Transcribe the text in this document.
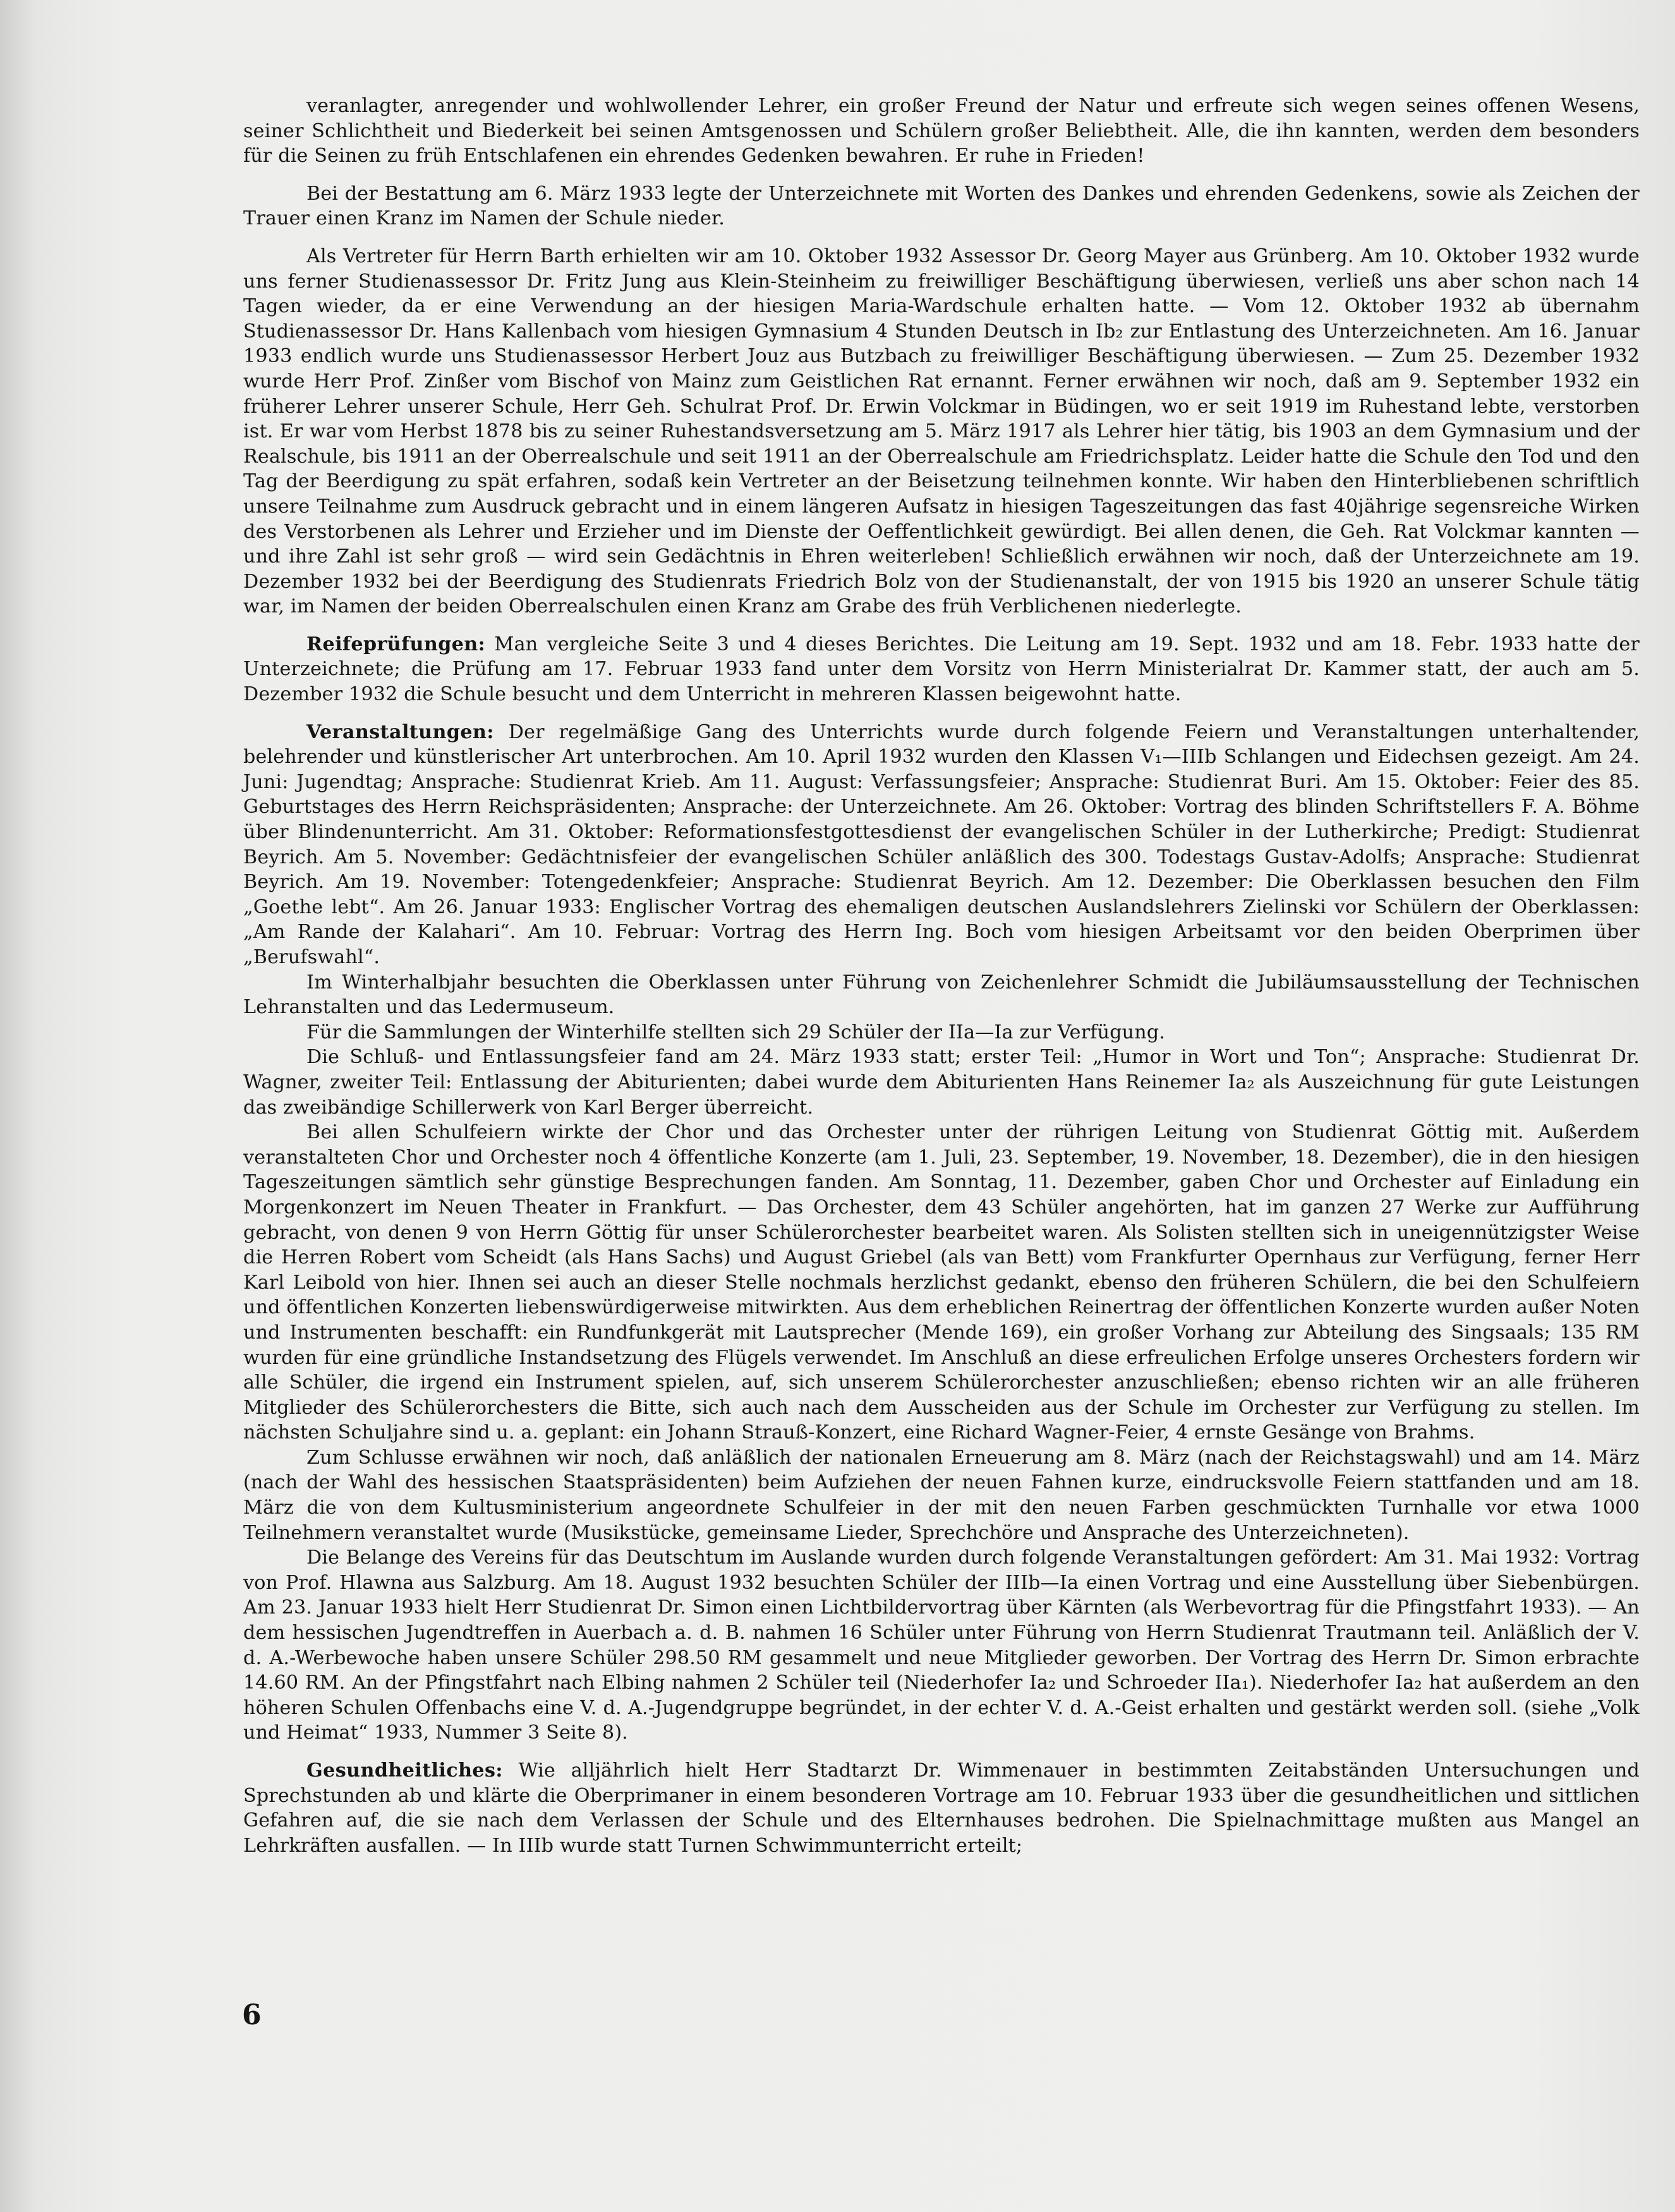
veranlagter, anregender und wohlwollender Lehrer, ein großer Freund der Natur und erfreute sich wegen seines offenen Wesens, seiner Schlichtheit und Biederkeit bei seinen Amtsgenossen und Schülern großer Beliebtheit. Alle, die ihn kannten, werden dem besonders für die Seinen zu früh Entschlafenen ein ehrendes Gedenken bewahren. Er ruhe in Frieden!

Bei der Bestattung am 6. März 1933 legte der Unterzeichnete mit Worten des Dankes und ehrenden Gedenkens, sowie als Zeichen der Trauer einen Kranz im Namen der Schule nieder.

Als Vertreter für Herrn Barth erhielten wir am 10. Oktober 1932 Assessor Dr. Georg Mayer aus Grünberg. Am 10. Oktober 1932 wurde uns ferner Studienassessor Dr. Fritz Jung aus Klein-Steinheim zu freiwilliger Beschäftigung überwiesen, verließ uns aber schon nach 14 Tagen wieder, da er eine Verwendung an der hiesigen Maria-Wardschule erhalten hatte. — Vom 12. Oktober 1932 ab übernahm Studienassessor Dr. Hans Kallenbach vom hiesigen Gymnasium 4 Stunden Deutsch in Ib₂ zur Entlastung des Unterzeichneten. Am 16. Januar 1933 endlich wurde uns Studienassessor Herbert Jouz aus Butzbach zu freiwilliger Beschäftigung überwiesen. — Zum 25. Dezember 1932 wurde Herr Prof. Zinßer vom Bischof von Mainz zum Geistlichen Rat ernannt. Ferner erwähnen wir noch, daß am 9. September 1932 ein früherer Lehrer unserer Schule, Herr Geh. Schulrat Prof. Dr. Erwin Volckmar in Büdingen, wo er seit 1919 im Ruhestand lebte, verstorben ist. Er war vom Herbst 1878 bis zu seiner Ruhestandsversetzung am 5. März 1917 als Lehrer hier tätig, bis 1903 an dem Gymnasium und der Realschule, bis 1911 an der Oberrealschule und seit 1911 an der Oberrealschule am Friedrichsplatz. Leider hatte die Schule den Tod und den Tag der Beerdigung zu spät erfahren, sodaß kein Vertreter an der Beisetzung teilnehmen konnte. Wir haben den Hinterbliebenen schriftlich unsere Teilnahme zum Ausdruck gebracht und in einem längeren Aufsatz in hiesigen Tageszeitungen das fast 40jährige segensreiche Wirken des Verstorbenen als Lehrer und Erzieher und im Dienste der Oeffentlichkeit gewürdigt. Bei allen denen, die Geh. Rat Volckmar kannten — und ihre Zahl ist sehr groß — wird sein Gedächtnis in Ehren weiterleben! Schließlich erwähnen wir noch, daß der Unterzeichnete am 19. Dezember 1932 bei der Beerdigung des Studienrats Friedrich Bolz von der Studienanstalt, der von 1915 bis 1920 an unserer Schule tätig war, im Namen der beiden Oberrealschulen einen Kranz am Grabe des früh Verblichenen niederlegte.

Reifeprüfungen: Man vergleiche Seite 3 und 4 dieses Berichtes. Die Leitung am 19. Sept. 1932 und am 18. Febr. 1933 hatte der Unterzeichnete; die Prüfung am 17. Februar 1933 fand unter dem Vorsitz von Herrn Ministerialrat Dr. Kammer statt, der auch am 5. Dezember 1932 die Schule besucht und dem Unterricht in mehreren Klassen beigewohnt hatte.

Veranstaltungen: Der regelmäßige Gang des Unterrichts wurde durch folgende Feiern und Veranstaltungen unterhaltender, belehrender und künstlerischer Art unterbrochen. Am 10. April 1932 wurden den Klassen V₁—IIIb Schlangen und Eidechsen gezeigt. Am 24. Juni: Jugendtag; Ansprache: Studienrat Krieb. Am 11. August: Verfassungsfeier; Ansprache: Studienrat Buri. Am 15. Oktober: Feier des 85. Geburtstages des Herrn Reichspräsidenten; Ansprache: der Unterzeichnete. Am 26. Oktober: Vortrag des blinden Schriftstellers F. A. Böhme über Blindenunterricht. Am 31. Oktober: Reformationsfestgottesdienst der evangelischen Schüler in der Lutherkirche; Predigt: Studienrat Beyrich. Am 5. November: Gedächtnisfeier der evangelischen Schüler anläßlich des 300. Todestags Gustav-Adolfs; Ansprache: Studienrat Beyrich. Am 19. November: Totengedenkfeier; Ansprache: Studienrat Beyrich. Am 12. Dezember: Die Oberklassen besuchen den Film „Goethe lebt“. Am 26. Januar 1933: Englischer Vortrag des ehemaligen deutschen Auslandslehrers Zielinski vor Schülern der Oberklassen: „Am Rande der Kalahari“. Am 10. Februar: Vortrag des Herrn Ing. Boch vom hiesigen Arbeitsamt vor den beiden Oberprimen über „Berufswahl“.

Im Winterhalbjahr besuchten die Oberklassen unter Führung von Zeichenlehrer Schmidt die Jubiläumsausstellung der Technischen Lehranstalten und das Ledermuseum.

Für die Sammlungen der Winterhilfe stellten sich 29 Schüler der IIa—Ia zur Verfügung.

Die Schluß- und Entlassungsfeier fand am 24. März 1933 statt; erster Teil: „Humor in Wort und Ton“; Ansprache: Studienrat Dr. Wagner, zweiter Teil: Entlassung der Abiturienten; dabei wurde dem Abiturienten Hans Reinemer Ia₂ als Auszeichnung für gute Leistungen das zweibändige Schillerwerk von Karl Berger überreicht.

Bei allen Schulfeiern wirkte der Chor und das Orchester unter der rührigen Leitung von Studienrat Göttig mit. Außerdem veranstalteten Chor und Orchester noch 4 öffentliche Konzerte (am 1. Juli, 23. September, 19. November, 18. Dezember), die in den hiesigen Tageszeitungen sämtlich sehr günstige Besprechungen fanden. Am Sonntag, 11. Dezember, gaben Chor und Orchester auf Einladung ein Morgenkonzert im Neuen Theater in Frankfurt. — Das Orchester, dem 43 Schüler angehörten, hat im ganzen 27 Werke zur Aufführung gebracht, von denen 9 von Herrn Göttig für unser Schülerorchester bearbeitet waren. Als Solisten stellten sich in uneigennützigster Weise die Herren Robert vom Scheidt (als Hans Sachs) und August Griebel (als van Bett) vom Frankfurter Opernhaus zur Verfügung, ferner Herr Karl Leibold von hier. Ihnen sei auch an dieser Stelle nochmals herzlichst gedankt, ebenso den früheren Schülern, die bei den Schulfeiern und öffentlichen Konzerten liebenswürdigerweise mitwirkten. Aus dem erheblichen Reinertrag der öffentlichen Konzerte wurden außer Noten und Instrumenten beschafft: ein Rundfunkgerät mit Lautsprecher (Mende 169), ein großer Vorhang zur Abteilung des Singsaals; 135 RM wurden für eine gründliche Instandsetzung des Flügels verwendet. Im Anschluß an diese erfreulichen Erfolge unseres Orchesters fordern wir alle Schüler, die irgend ein Instrument spielen, auf, sich unserem Schülerorchester anzuschließen; ebenso richten wir an alle früheren Mitglieder des Schülerorchesters die Bitte, sich auch nach dem Ausscheiden aus der Schule im Orchester zur Verfügung zu stellen. Im nächsten Schuljahre sind u. a. geplant: ein Johann Strauß-Konzert, eine Richard Wagner-Feier, 4 ernste Gesänge von Brahms.

Zum Schlusse erwähnen wir noch, daß anläßlich der nationalen Erneuerung am 8. März (nach der Reichstagswahl) und am 14. März (nach der Wahl des hessischen Staatspräsidenten) beim Aufziehen der neuen Fahnen kurze, eindrucksvolle Feiern stattfanden und am 18. März die von dem Kultusministerium angeordnete Schulfeier in der mit den neuen Farben geschmückten Turnhalle vor etwa 1000 Teilnehmern veranstaltet wurde (Musikstücke, gemeinsame Lieder, Sprechchöre und Ansprache des Unterzeichneten).

Die Belange des Vereins für das Deutschtum im Auslande wurden durch folgende Veranstaltungen gefördert: Am 31. Mai 1932: Vortrag von Prof. Hlawna aus Salzburg. Am 18. August 1932 besuchten Schüler der IIIb—Ia einen Vortrag und eine Ausstellung über Siebenbürgen. Am 23. Januar 1933 hielt Herr Studienrat Dr. Simon einen Lichtbildervortrag über Kärnten (als Werbevortrag für die Pfingstfahrt 1933). — An dem hessischen Jugendtreffen in Auerbach a. d. B. nahmen 16 Schüler unter Führung von Herrn Studienrat Trautmann teil. Anläßlich der V. d. A.-Werbewoche haben unsere Schüler 298.50 RM gesammelt und neue Mitglieder geworben. Der Vortrag des Herrn Dr. Simon erbrachte 14.60 RM. An der Pfingstfahrt nach Elbing nahmen 2 Schüler teil (Niederhofer Ia₂ und Schroeder IIa₁). Niederhofer Ia₂ hat außerdem an den höheren Schulen Offenbachs eine V. d. A.-Jugendgruppe begründet, in der echter V. d. A.-Geist erhalten und gestärkt werden soll. (siehe „Volk und Heimat“ 1933, Nummer 3 Seite 8).

Gesundheitliches: Wie alljährlich hielt Herr Stadtarzt Dr. Wimmenauer in bestimmten Zeitabständen Untersuchungen und Sprechstunden ab und klärte die Oberprimaner in einem besonderen Vortrage am 10. Februar 1933 über die gesundheitlichen und sittlichen Gefahren auf, die sie nach dem Verlassen der Schule und des Elternhauses bedrohen. Die Spielnachmittage mußten aus Mangel an Lehrkräften ausfallen. — In IIIb wurde statt Turnen Schwimmunterricht erteilt;

6
